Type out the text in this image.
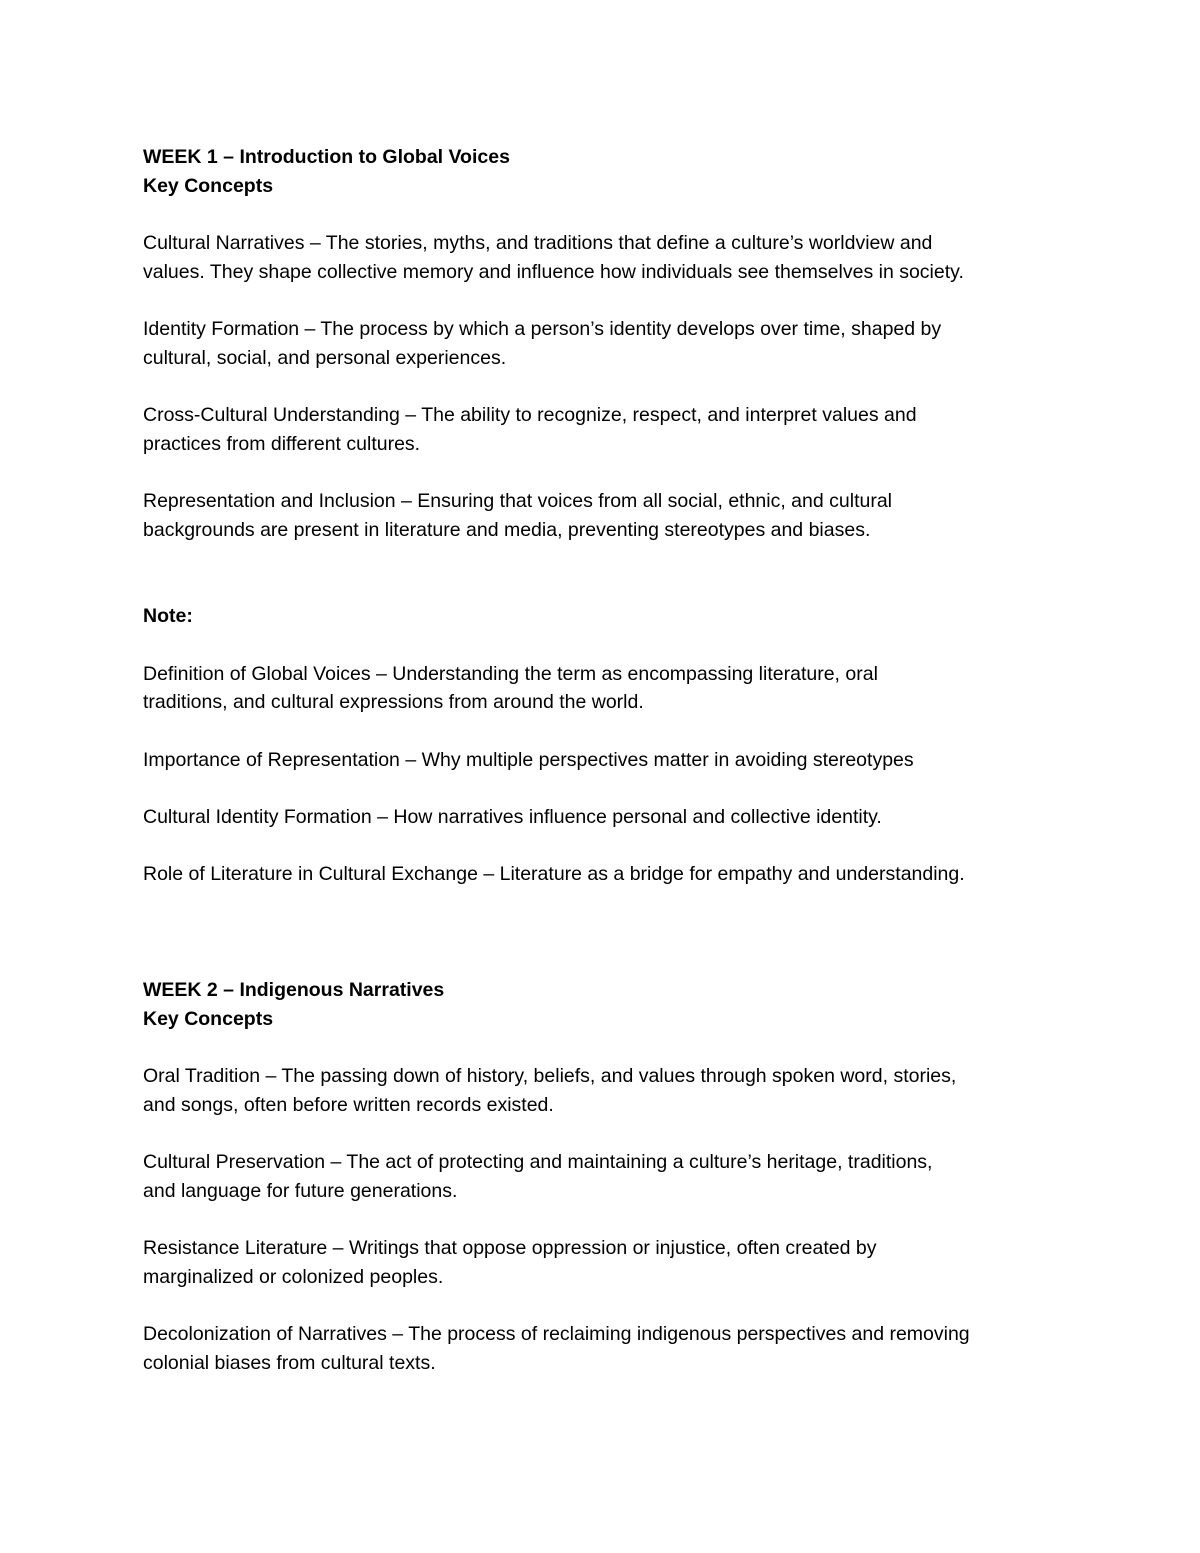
WEEK 1 – Introduction to Global Voices
Key Concepts
Cultural Narratives – The stories, myths, and traditions that define a culture’s worldview and
values. They shape collective memory and influence how individuals see themselves in society.
Identity Formation – The process by which a person’s identity develops over time, shaped by
cultural, social, and personal experiences.
Cross-Cultural Understanding – The ability to recognize, respect, and interpret values and
practices from different cultures.
Representation and Inclusion – Ensuring that voices from all social, ethnic, and cultural
backgrounds are present in literature and media, preventing stereotypes and biases.
Note:
Definition of Global Voices – Understanding the term as encompassing literature, oral
traditions, and cultural expressions from around the world.
Importance of Representation – Why multiple perspectives matter in avoiding stereotypes
Cultural Identity Formation – How narratives influence personal and collective identity.
Role of Literature in Cultural Exchange – Literature as a bridge for empathy and understanding.
WEEK 2 – Indigenous Narratives
Key Concepts
Oral Tradition – The passing down of history, beliefs, and values through spoken word, stories,
and songs, often before written records existed.
Cultural Preservation – The act of protecting and maintaining a culture’s heritage, traditions,
and language for future generations.
Resistance Literature – Writings that oppose oppression or injustice, often created by
marginalized or colonized peoples.
Decolonization of Narratives – The process of reclaiming indigenous perspectives and removing
colonial biases from cultural texts.
